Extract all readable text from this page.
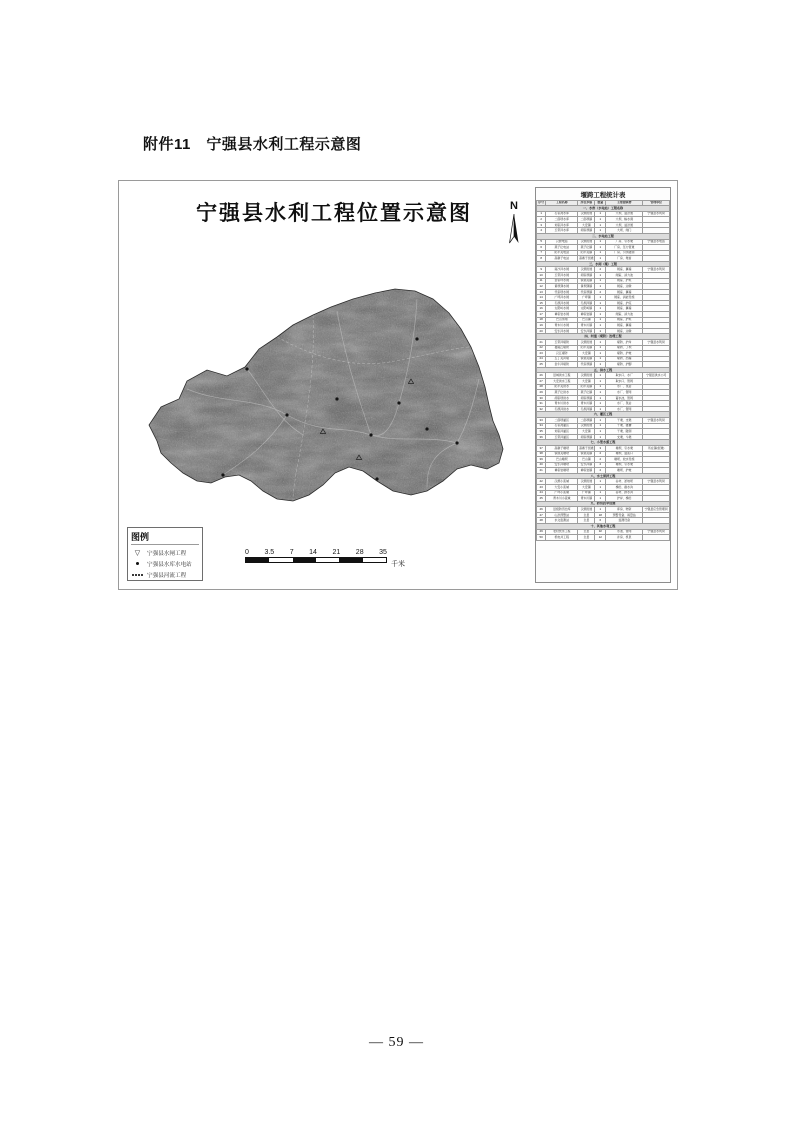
附件11　宁强县水利工程示意图
宁强县水利工程位置示意图	N
图例
▽	宁强县水闸工程
宁强县水库水电站
宁强县河流工程
0 3.5 7 14 21 28 35
千米
堰跨工程统计表
序号	工程名称	所在乡镇	数量	主要建筑物	管理单位
一、水库（水电站）工程名称					
1	石家湾水库	汉源街道	1	大坝、溢洪道	宁强县水利局
2	二郎坝水库	二郎坝镇	1	大坝、输水洞	
3	刘家河水库	大安镇	1	大坝、溢洪道	
4	玉带河水库	胡家坝镇	1	大坝、闸门	
二、水电站工程					
5	汉源电站	汉源街道	1	厂房、引水渠	宁强县水电站
6	燕子砭电站	燕子砭镇	1	厂房、压力管道	
7	阳平关电站	阳平关镇	1	厂房、引水隧洞	
8	高寨子电站	高寨子街道	1	厂房、渠首	
三、水闸（堰）工程					
9	南沙河水闸	汉源街道	2	闸室、翼墙	宁强县水利局
10	玉带河水闸	胡家坝镇	1	闸室、消力池	
11	金家坪水闸	铁锁关镇	1	闸室、护坦	
12	黄坝驿水闸	黄坝驿镇	1	闸室、边墩	
13	代家坝水闸	代家坝镇	2	闸室、翼墙	
14	广坪河水闸	广坪镇	1	闸室、消能设施	
15	毛坝河水闸	毛坝河镇	1	闸室、护底	
16	太阳岭水闸	太阳岭镇	1	闸室、翼墙	
17	禅家岩水闸	禅家岩镇	1	闸室、消力池	
18	巴山水闸	巴山镇	1	闸室、护坦	
19	青木川水闸	青木川镇	1	闸室、翼墙	
20	安乐河水闸	安乐河镇	1	闸室、边墩	
四、河道（堤防）治理工程					
21	玉带河堤防	汉源街道	1	堤防、护岸	宁强县水利局
22	嘉陵江堤防	阳平关镇	1	堤防、丁坝	
23	汉江堤防	大安镇	1	堤防、护坡	
24	五丁关河堤	铁锁关镇	1	堤防、挡墙	
25	金牛河堤防	代家坝镇	1	堤防、护脚	
五、供水工程					
26	县城供水工程	汉源街道	1	取水口、水厂	宁强县供水公司
27	大安供水工程	大安镇	1	取水口、管网	
28	阳平关供水	阳平关镇	1	水厂、泵站	
29	燕子砭供水	燕子砭镇	1	水厂、管网	
30	胡家坝供水	胡家坝镇	1	蓄水池、管网	
31	青木川供水	青木川镇	1	水厂、泵站	
32	毛坝河供水	毛坝河镇	1	水厂、管网	
六、灌区工程					
33	二郎坝灌区	二郎坝镇	1	干渠、支渠	宁强县水利局
34	石家湾灌区	汉源街道	1	干渠、渡槽	
35	刘家河灌区	大安镇	1	干渠、隧洞	
36	玉带河灌区	胡家坝镇	1	支渠、斗渠	
七、小型水源工程					
37	高寨子塘坝	高寨子街道	3	塘坝、引水渠	所在镇(街道)
38	铁锁关塘坝	铁锁关镇	2	塘坝、溢流口	
39	巴山塘坝	巴山镇	2	塘坝、放水设施	
40	安乐河塘坝	安乐河镇	2	塘坝、引水渠	
41	禅家岩塘坝	禅家岩镇	2	塘坝、护坡	
八、水土保持工程					
42	汉源小流域	汉源街道	1	谷坊、淤地坝	宁强县水利局
43	大安小流域	大安镇	1	梯田、截水沟	
44	广坪小流域	广坪镇	1	谷坊、排水沟	
45	青木川小流域	青木川镇	1	护岸、梯田	
九、防汛抗旱设施					
46	县级防汛仓库	汉源街道	1	库房、物资	宁强县应急管理局
47	山洪预警站	全县	18	预警设备、雨量站	
48	水文监测站	全县	6	监测设备	
十、其他水利工程					
49	农村饮水工程	全县	32	水池、管网	宁强县水利局
50	机电井工程	全县	12	井房、机泵	
— 59 —
